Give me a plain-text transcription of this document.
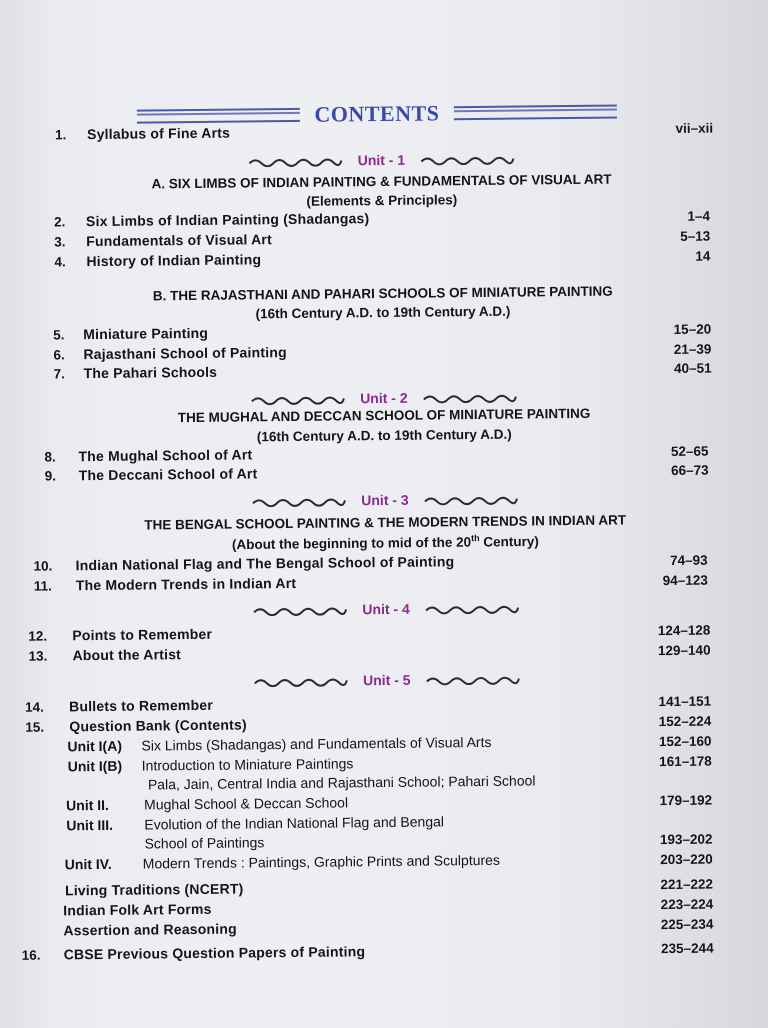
CONTENTS
1. Syllabus of Fine Arts	vii–xii
Unit - 1
A. SIX LIMBS OF INDIAN PAINTING & FUNDAMENTALS OF VISUAL ART
(Elements & Principles)
2. Six Limbs of Indian Painting (Shadangas)	1–4
3. Fundamentals of Visual Art	5–13
4. History of Indian Painting	14
B. THE RAJASTHANI AND PAHARI SCHOOLS OF MINIATURE PAINTING
(16th Century A.D. to 19th Century A.D.)
5. Miniature Painting	15–20
6. Rajasthani School of Painting	21–39
7. The Pahari Schools	40–51
Unit - 2
THE MUGHAL AND DECCAN SCHOOL OF MINIATURE PAINTING
(16th Century A.D. to 19th Century A.D.)
8. The Mughal School of Art	52–65
9. The Deccani School of Art	66–73
Unit - 3
THE BENGAL SCHOOL PAINTING & THE MODERN TRENDS IN INDIAN ART
(About the beginning to mid of the 20th Century)
10. Indian National Flag and The Bengal School of Painting	74–93
11. The Modern Trends in Indian Art	94–123
Unit - 4
12. Points to Remember	124–128
13. About the Artist	129–140
Unit - 5
14. Bullets to Remember	141–151
15. Question Bank (Contents)	152–224
Unit I(A) Six Limbs (Shadangas) and Fundamentals of Visual Arts	152–160
Unit I(B) Introduction to Miniature Paintings	161–178
Pala, Jain, Central India and Rajasthani School; Pahari School
Unit II.	Mughal School & Deccan School	179–192
Unit III. Evolution of the Indian National Flag and Bengal
School of Paintings	193–202
Unit IV. Modern Trends : Paintings, Graphic Prints and Sculptures	203–220
Living Traditions (NCERT)	221–222
Indian Folk Art Forms	223–224
Assertion and Reasoning	225–234
16. CBSE Previous Question Papers of Painting	235–244
